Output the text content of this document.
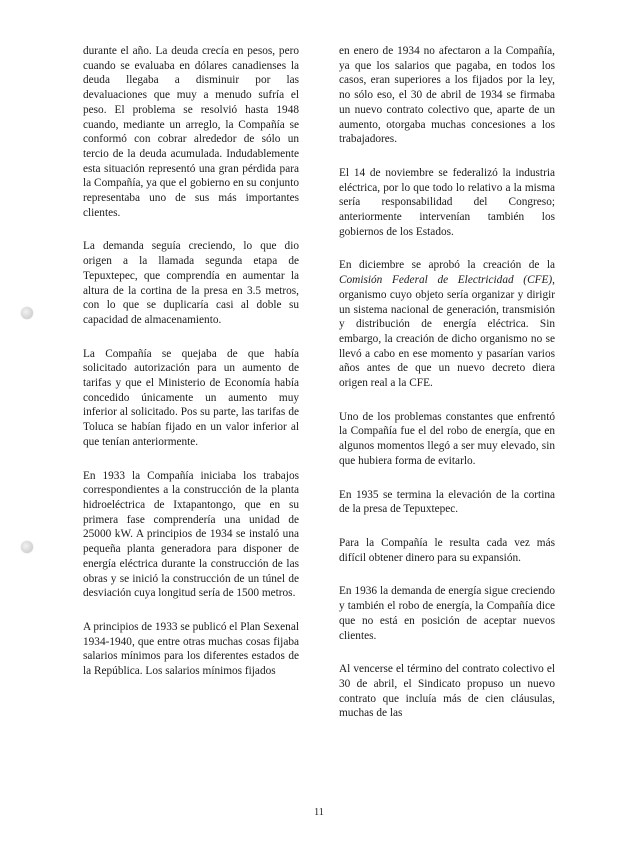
durante el año. La deuda crecía en pesos, pero cuando se evaluaba en dólares canadienses la deuda llegaba a disminuir por las devaluaciones que muy a menudo sufría el peso. El problema se resolvió hasta 1948 cuando, mediante un arreglo, la Compañía se conformó con cobrar alrededor de sólo un tercio de la deuda acumulada. Indudablemente esta situación representó una gran pérdida para la Compañía, ya que el gobierno en su conjunto representaba uno de sus más importantes clientes.

La demanda seguía creciendo, lo que dio origen a la llamada segunda etapa de Tepuxtepec, que comprendía en aumentar la altura de la cortina de la presa en 3.5 metros, con lo que se duplicaría casi al doble su capacidad de almacenamiento.

La Compañía se quejaba de que había solicitado autorización para un aumento de tarifas y que el Ministerio de Economía había concedido únicamente un aumento muy inferior al solicitado. Pos su parte, las tarifas de Toluca se habían fijado en un valor inferior al que tenían anteriormente.

En 1933 la Compañía iniciaba los trabajos correspondientes a la construcción de la planta hidroeléctrica de Ixtapantongo, que en su primera fase comprendería una unidad de 25000 kW. A principios de 1934 se instaló una pequeña planta generadora para disponer de energía eléctrica durante la construcción de las obras y se inició la construcción de un túnel de desviación cuya longitud sería de 1500 metros.

A principios de 1933 se publicó el Plan Sexenal 1934-1940, que entre otras muchas cosas fijaba salarios mínimos para los diferentes estados de la República. Los salarios mínimos fijados

en enero de 1934 no afectaron a la Compañía, ya que los salarios que pagaba, en todos los casos, eran superiores a los fijados por la ley, no sólo eso, el 30 de abril de 1934 se firmaba un nuevo contrato colectivo que, aparte de un aumento, otorgaba muchas concesiones a los trabajadores.

El 14 de noviembre se federalizó la industria eléctrica, por lo que todo lo relativo a la misma sería responsabilidad del Congreso; anteriormente intervenían también los gobiernos de los Estados.

En diciembre se aprobó la creación de la Comisión Federal de Electricidad (CFE), organismo cuyo objeto sería organizar y dirigir un sistema nacional de generación, transmisión y distribución de energía eléctrica. Sin embargo, la creación de dicho organismo no se llevó a cabo en ese momento y pasarían varios años antes de que un nuevo decreto diera origen real a la CFE.

Uno de los problemas constantes que enfrentó la Compañía fue el del robo de energía, que en algunos momentos llegó a ser muy elevado, sin que hubiera forma de evitarlo.

En 1935 se termina la elevación de la cortina de la presa de Tepuxtepec.

Para la Compañía le resulta cada vez más difícil obtener dinero para su expansión.

En 1936 la demanda de energía sigue creciendo y también el robo de energía, la Compañía dice que no está en posición de aceptar nuevos clientes.

Al vencerse el término del contrato colectivo el 30 de abril, el Sindicato propuso un nuevo contrato que incluía más de cien cláusulas, muchas de las

11
